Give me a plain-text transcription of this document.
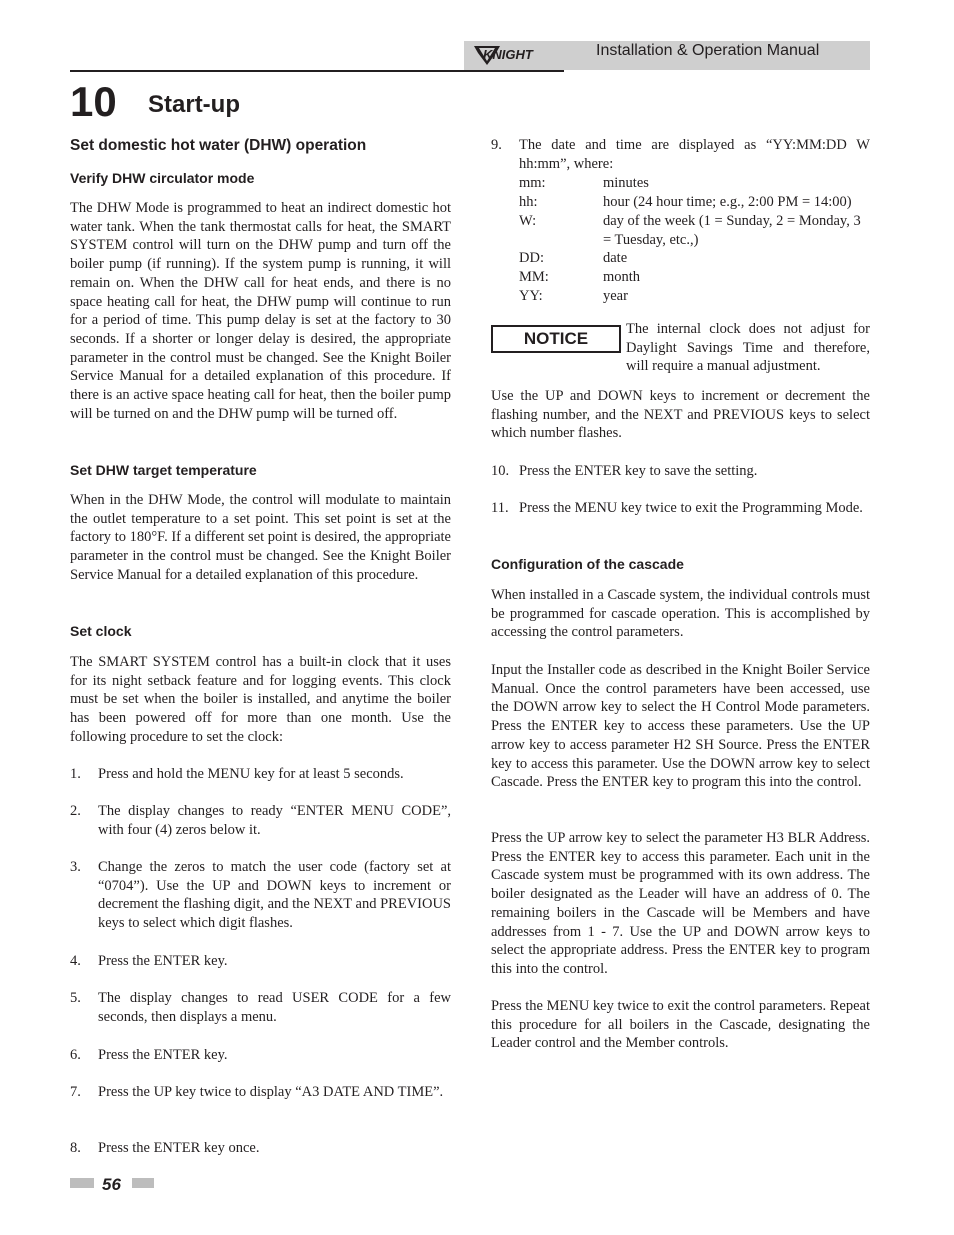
KNIGHT	Installation & Operation Manual
10 Start-up
Set domestic hot water (DHW) operation
Verify DHW circulator mode

The DHW Mode is programmed to heat an indirect domestic hot water tank. When the tank thermostat calls for heat, the SMART SYSTEM control will turn on the DHW pump and turn off the boiler pump (if running). If the system pump is running, it will remain on. When the DHW call for heat ends, and there is no space heating call for heat, the DHW pump will continue to run for a period of time. This pump delay is set at the factory to 30 seconds. If a shorter or longer delay is desired, the appropriate parameter in the control must be changed. See the Knight Boiler Service Manual for a detailed explanation of this procedure. If there is an active space heating call for heat, then the boiler pump will be turned on and the DHW pump will be turned off.

Set DHW target temperature

When in the DHW Mode, the control will modulate to maintain the outlet temperature to a set point. This set point is set at the factory to 180°F. If a different set point is desired, the appropriate parameter in the control must be changed. See the Knight Boiler Service Manual for a detailed explanation of this procedure.

Set clock

The SMART SYSTEM control has a built-in clock that it uses for its night setback feature and for logging events. This clock must be set when the boiler is installed, and anytime the boiler has been powered off for more than one month. Use the following procedure to set the clock:

1. Press and hold the MENU key for at least 5 seconds.
2. The display changes to ready “ENTER MENU CODE”, with four (4) zeros below it.
3. Change the zeros to match the user code (factory set at “0704”). Use the UP and DOWN keys to increment or decrement the flashing digit, and the NEXT and PREVIOUS keys to select which digit flashes.
4. Press the ENTER key.
5. The display changes to read USER CODE for a few seconds, then displays a menu.
6. Press the ENTER key.
7. Press the UP key twice to display “A3 DATE AND TIME”.
8. Press the ENTER key once.
9. The date and time are displayed as “YY:MM:DD W hh:mm”, where:
mm:	minutes
hh:	hour (24 hour time; e.g., 2:00 PM = 14:00)
W:	day of the week (1 = Sunday, 2 = Monday, 3 = Tuesday, etc.,)
DD:	date
MM:	month
YY:	year
NOTICE	The internal clock does not adjust for Daylight Savings Time and therefore, will require a manual adjustment.

Use the UP and DOWN keys to increment or decrement the flashing number, and the NEXT and PREVIOUS keys to select which number flashes.

10. Press the ENTER key to save the setting.
11. Press the MENU key twice to exit the Programming Mode.
Configuration of the cascade

When installed in a Cascade system, the individual controls must be programmed for cascade operation. This is accomplished by accessing the control parameters.

Input the Installer code as described in the Knight Boiler Service Manual. Once the control parameters have been accessed, use the DOWN arrow key to select the H Control Mode parameters. Press the ENTER key to access these parameters. Use the UP arrow key to access parameter H2 SH Source. Press the ENTER key to access this parameter. Use the DOWN arrow key to select Cascade. Press the ENTER key to program this into the control.

Press the UP arrow key to select the parameter H3 BLR Address. Press the ENTER key to access this parameter. Each unit in the Cascade system must be programmed with its own address. The boiler designated as the Leader will have an address of 0. The remaining boilers in the Cascade will be Members and have addresses from 1 - 7. Use the UP and DOWN arrow keys to select the appropriate address. Press the ENTER key to program this into the control.

Press the MENU key twice to exit the control parameters. Repeat this procedure for all boilers in the Cascade, designating the Leader control and the Member controls.

56
